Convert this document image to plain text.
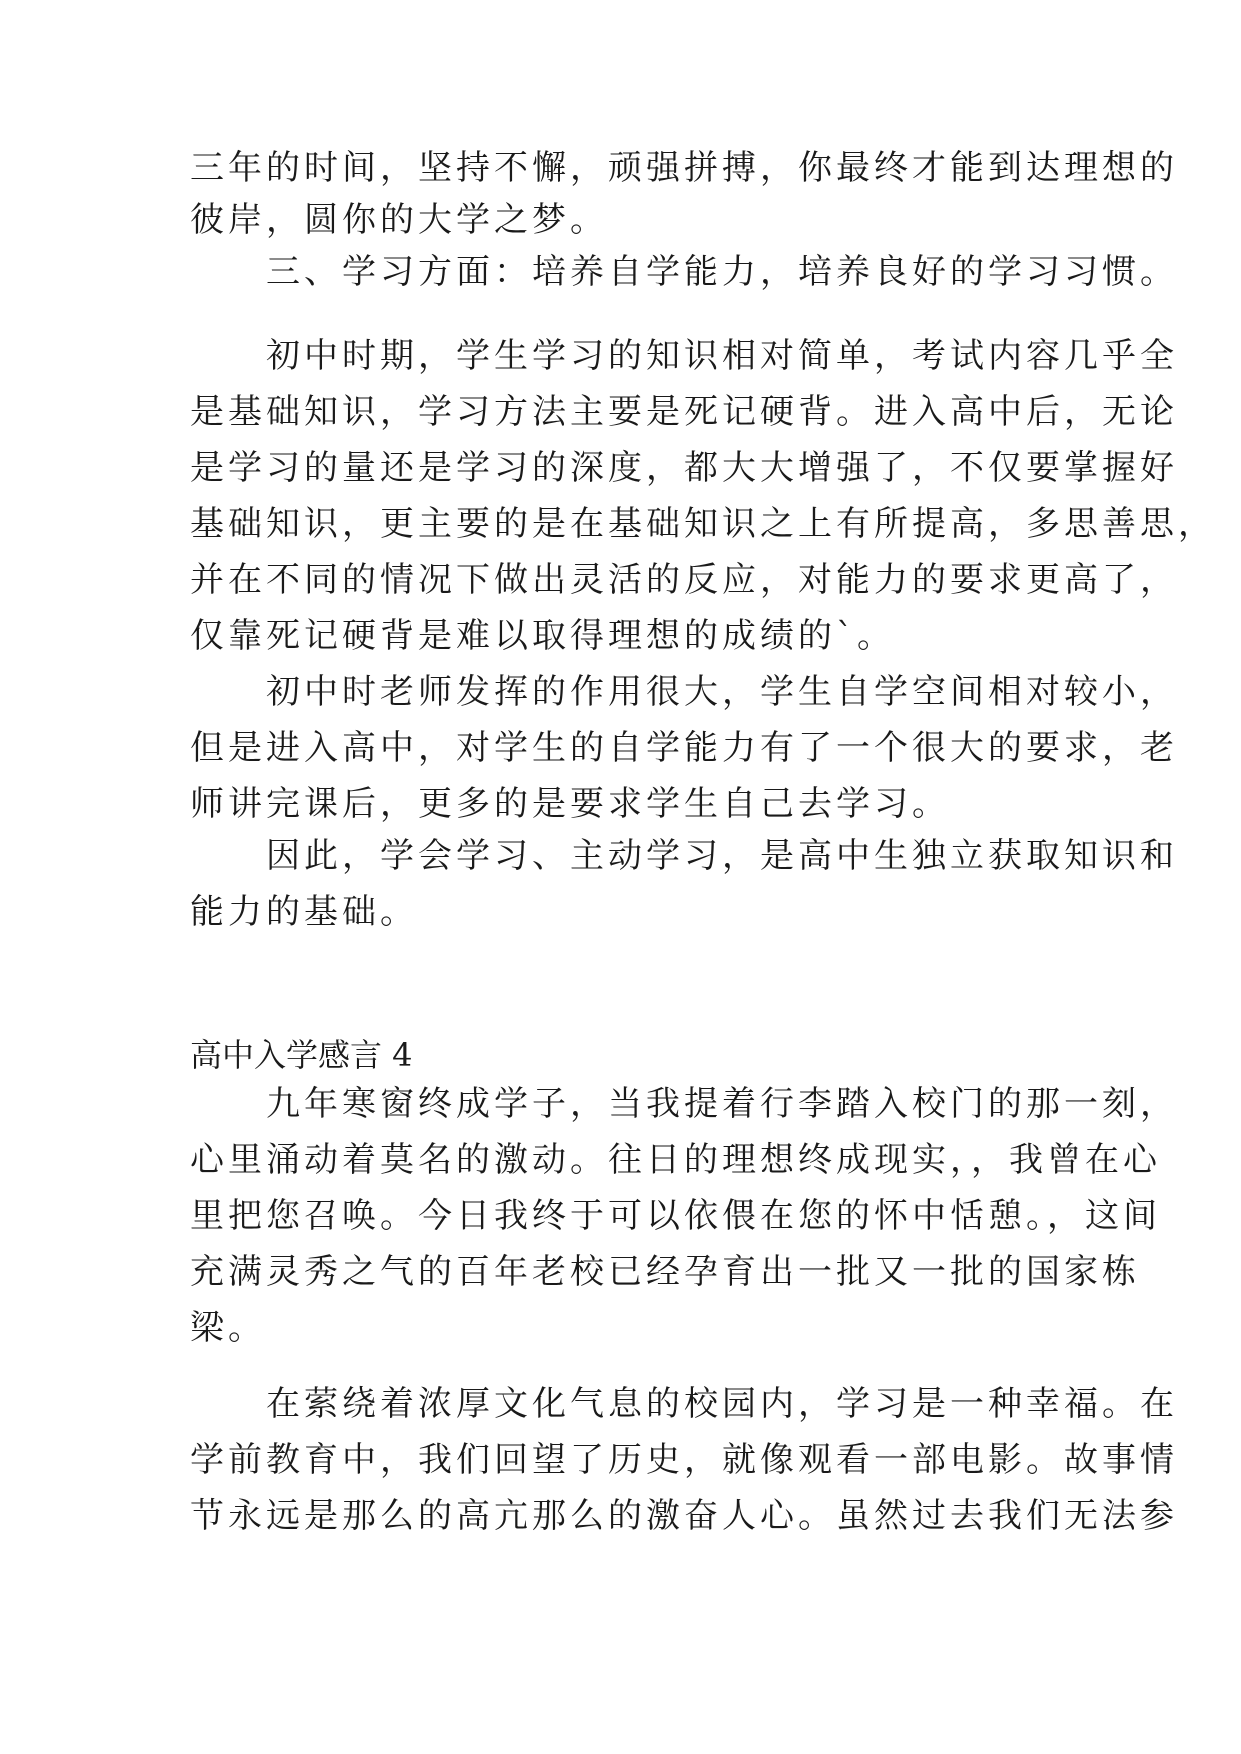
三年的时间，坚持不懈，顽强拼搏，你最终才能到达理想的
彼岸，圆你的大学之梦。
　　三、学习方面：培养自学能力，培养良好的学习习惯。
　　初中时期，学生学习的知识相对简单，考试内容几乎全
是基础知识，学习方法主要是死记硬背。进入高中后，无论
是学习的量还是学习的深度，都大大增强了，不仅要掌握好
基础知识，更主要的是在基础知识之上有所提高，多思善思，
并在不同的情况下做出灵活的反应，对能力的要求更高了，
仅靠死记硬背是难以取得理想的成绩的`。
　　初中时老师发挥的作用很大，学生自学空间相对较小，
但是进入高中，对学生的自学能力有了一个很大的要求，老
师讲完课后，更多的是要求学生自己去学习。
　　因此，学会学习、主动学习，是高中生独立获取知识和
能力的基础。
高中入学感言 4
　　九年寒窗终成学子，当我提着行李踏入校门的那一刻，
心里涌动着莫名的激动。往日的理想终成现实，，我曾在心
里把您召唤。今日我终于可以依偎在您的怀中恬憩。，这间
充满灵秀之气的百年老校已经孕育出一批又一批的国家栋
梁。
　　在萦绕着浓厚文化气息的校园内，学习是一种幸福。在
学前教育中，我们回望了历史，就像观看一部电影。故事情
节永远是那么的高亢那么的激奋人心。虽然过去我们无法参
